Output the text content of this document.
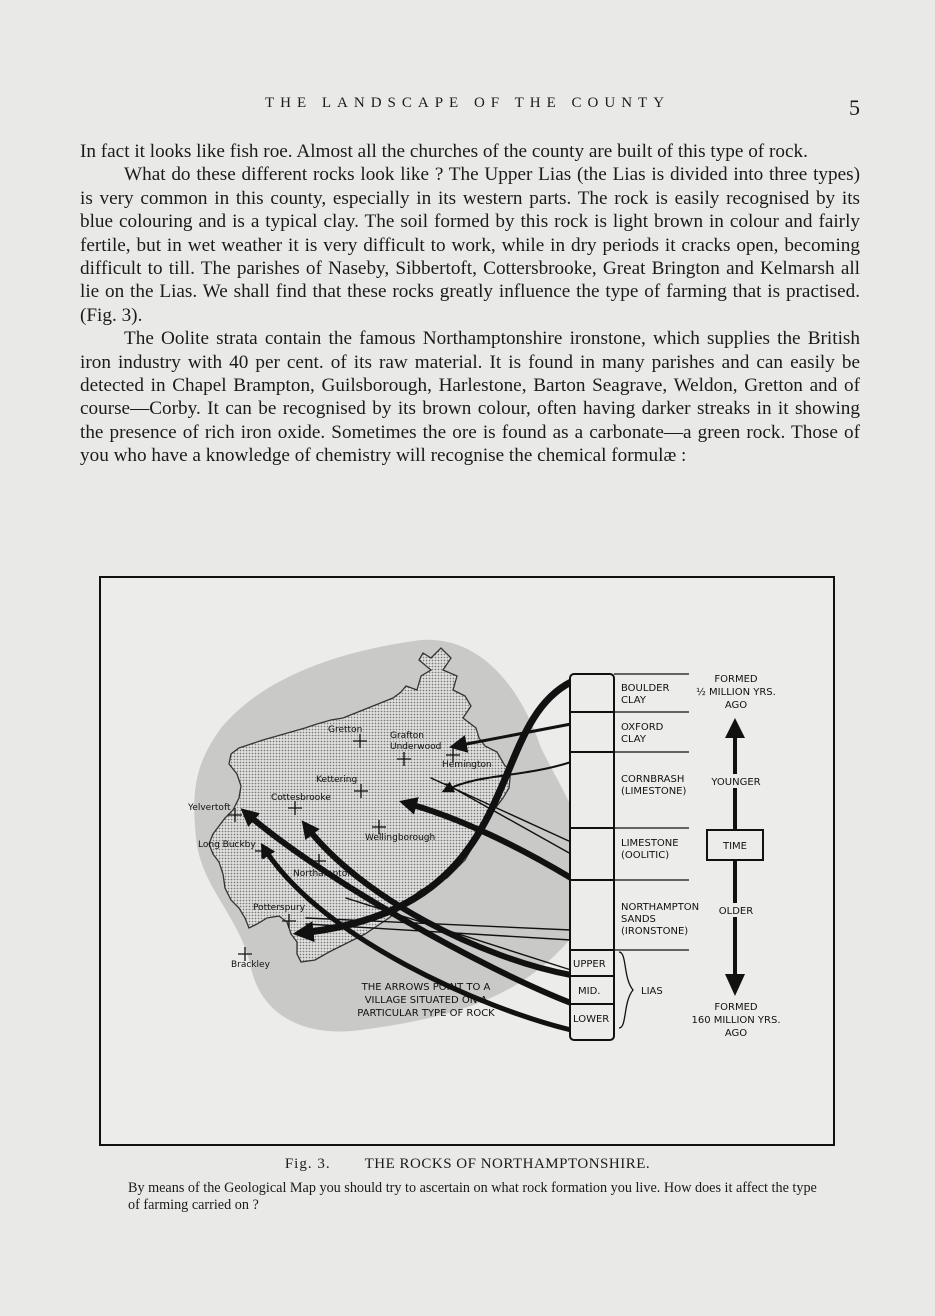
THE LANDSCAPE OF THE COUNTY	5

In fact it looks like fish roe. Almost all the churches of the county are built of this type of rock.

What do these different rocks look like ? The Upper Lias (the Lias is divided into three types) is very common in this county, especially in its western parts. The rock is easily recognised by its blue colouring and is a typical clay. The soil formed by this rock is light brown in colour and fairly fertile, but in wet weather it is very difficult to work, while in dry periods it cracks open, becoming difficult to till. The parishes of Naseby, Sibbertoft, Cottersbrooke, Great Brington and Kelmarsh all lie on the Lias. We shall find that these rocks greatly influence the type of farming that is practised. (Fig. 3).

The Oolite strata contain the famous Northamptonshire ironstone, which supplies the British iron industry with 40 per cent. of its raw material. It is found in many parishes and can easily be detected in Chapel Brampton, Guilsborough, Harlestone, Barton Seagrave, Weldon, Gretton and of course—Corby. It can be recognised by its brown colour, often having darker streaks in it showing the presence of rich iron oxide. Sometimes the ore is found as a carbonate—a green rock. Those of you who have a knowledge of chemistry will recognise the chemical formulæ :

Gretton
Grafton
Underwood
Hemington
Kettering
Cottesbrooke
Yelvertoft
Long Buckby
Wellingborough
Northampton
Potterspury
Brackley
BOULDER
CLAY
OXFORD
CLAY
CORNBRASH
(LIMESTONE)
LIMESTONE
(OOLITIC)
NORTHAMPTON
SANDS
(IRONSTONE)
UPPER
MID.
LOWER
LIAS
FORMED
½ MILLION YRS.
AGO
YOUNGER
TIME
OLDER
FORMED
160 MILLION YRS.
AGO
THE ARROWS POINT TO A
VILLAGE SITUATED ON A
PARTICULAR TYPE OF ROCK
Fig. 3. THE ROCKS OF NORTHAMPTONSHIRE.

By means of the Geological Map you should try to ascertain on what rock formation you live. How does it affect the type of farming carried on ?
